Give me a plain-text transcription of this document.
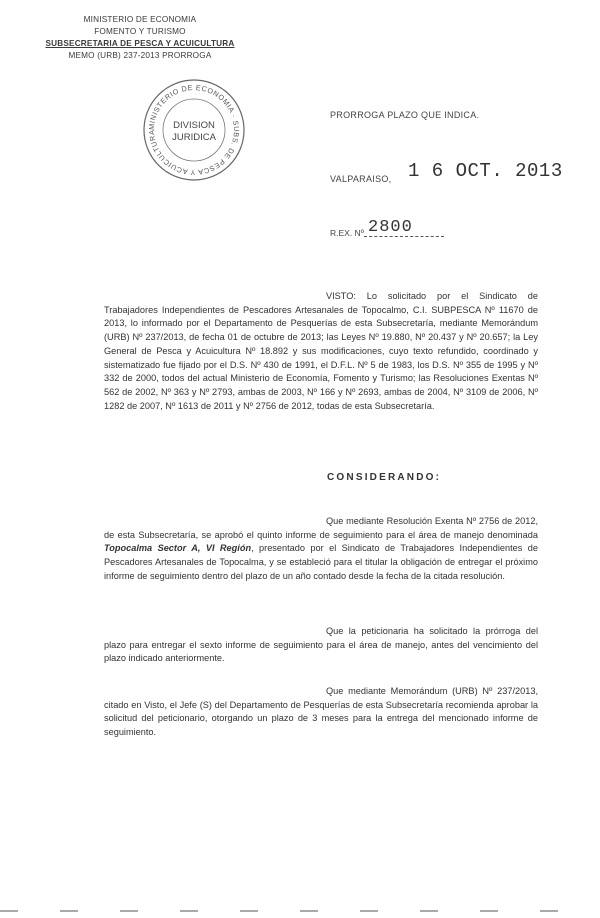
MINISTERIO DE ECONOMIA
FOMENTO Y TURISMO
SUBSECRETARIA DE PESCA Y ACUICULTURA
MEMO (URB) 237-2013 PRORROGA
MINISTERIO DE ECONOMIA · SUBS. DE PESCA Y ACUICULTURA
DIVISION
JURIDICA
PRORROGA PLAZO QUE INDICA.
1 6 OCT. 2013
VALPARAISO,
R.EX. Nº 2800
VISTO: Lo solicitado por el Sindicato de Trabajadores Independientes de Pescadores Artesanales de Topocalmo, C.I. SUBPESCA Nº 11670 de 2013, lo informado por el Departamento de Pesquerías de esta Subsecretaría, mediante Memorándum (URB) Nº 237/2013, de fecha 01 de octubre de 2013; las Leyes Nº 19.880, Nº 20.437 y Nº 20.657; la Ley General de Pesca y Acuicultura Nº 18.892 y sus modificaciones, cuyo texto refundido, coordinado y sistematizado fue fijado por el D.S. Nº 430 de 1991, el D.F.L. Nº 5 de 1983, los D.S. Nº 355 de 1995 y Nº 332 de 2000, todos del actual Ministerio de Economía, Fomento y Turismo; las Resoluciones Exentas Nº 562 de 2002, Nº 363 y Nº 2793, ambas de 2003, Nº 166 y Nº 2693, ambas de 2004, Nº 3109 de 2006, Nº 1282 de 2007, Nº 1613 de 2011 y Nº 2756 de 2012, todas de esta Subsecretaría.
CONSIDERANDO:
Que mediante Resolución Exenta Nº 2756 de 2012, de esta Subsecretaría, se aprobó el quinto informe de seguimiento para el área de manejo denominada Topocalma Sector A, VI Región, presentado por el Sindicato de Trabajadores Independientes de Pescadores Artesanales de Topocalma, y se estableció para el titular la obligación de entregar el próximo informe de seguimiento dentro del plazo de un año contado desde la fecha de la citada resolución.
Que la peticionaria ha solicitado la prórroga del plazo para entregar el sexto informe de seguimiento para el área de manejo, antes del vencimiento del plazo indicado anteriormente.
Que mediante Memorándum (URB) Nº 237/2013, citado en Visto, el Jefe (S) del Departamento de Pesquerías de esta Subsecretaría recomienda aprobar la solicitud del peticionario, otorgando un plazo de 3 meses para la entrega del mencionado informe de seguimiento.
